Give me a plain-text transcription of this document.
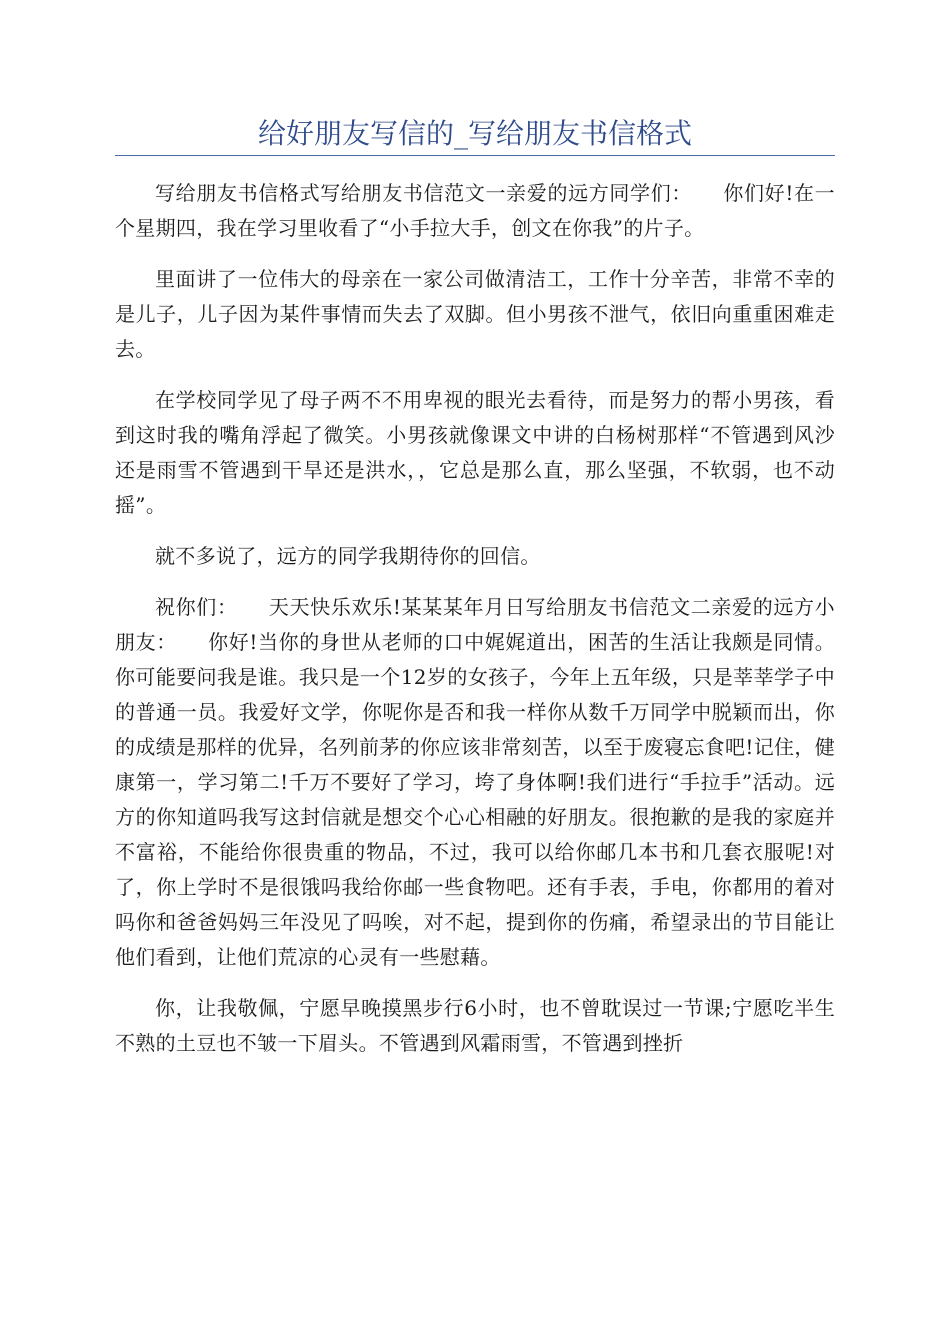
给好朋友写信的_写给朋友书信格式

写给朋友书信格式写给朋友书信范文一亲爱的远方同学们：　　你们好!在一个星期四，我在学习里收看了“小手拉大手，创文在你我”的片子。

里面讲了一位伟大的母亲在一家公司做清洁工，工作十分辛苦，非常不幸的是儿子，儿子因为某件事情而失去了双脚。但小男孩不泄气，依旧向重重困难走去。

在学校同学见了母子两不不用卑视的眼光去看待，而是努力的帮小男孩，看到这时我的嘴角浮起了微笑。小男孩就像课文中讲的白杨树那样“不管遇到风沙还是雨雪不管遇到干旱还是洪水，，它总是那么直，那么坚强，不软弱，也不动摇”。

就不多说了，远方的同学我期待你的回信。

祝你们：　　天天快乐欢乐!某某某年月日写给朋友书信范文二亲爱的远方小朋友：　　你好!当你的身世从老师的口中娓娓道出，困苦的生活让我颇是同情。你可能要问我是谁。我只是一个12岁的女孩子，今年上五年级，只是莘莘学子中的普通一员。我爱好文学，你呢你是否和我一样你从数千万同学中脱颖而出，你的成绩是那样的优异，名列前茅的你应该非常刻苦，以至于废寝忘食吧!记住，健康第一，学习第二!千万不要好了学习，垮了身体啊!我们进行“手拉手”活动。远方的你知道吗我写这封信就是想交个心心相融的好朋友。很抱歉的是我的家庭并不富裕，不能给你很贵重的物品，不过，我可以给你邮几本书和几套衣服呢!对了，你上学时不是很饿吗我给你邮一些食物吧。还有手表，手电，你都用的着对吗你和爸爸妈妈三年没见了吗唉，对不起，提到你的伤痛，希望录出的节目能让他们看到，让他们荒凉的心灵有一些慰藉。

你，让我敬佩，宁愿早晚摸黑步行6小时，也不曾耽误过一节课;宁愿吃半生不熟的土豆也不皱一下眉头。不管遇到风霜雨雪，不管遇到挫折
